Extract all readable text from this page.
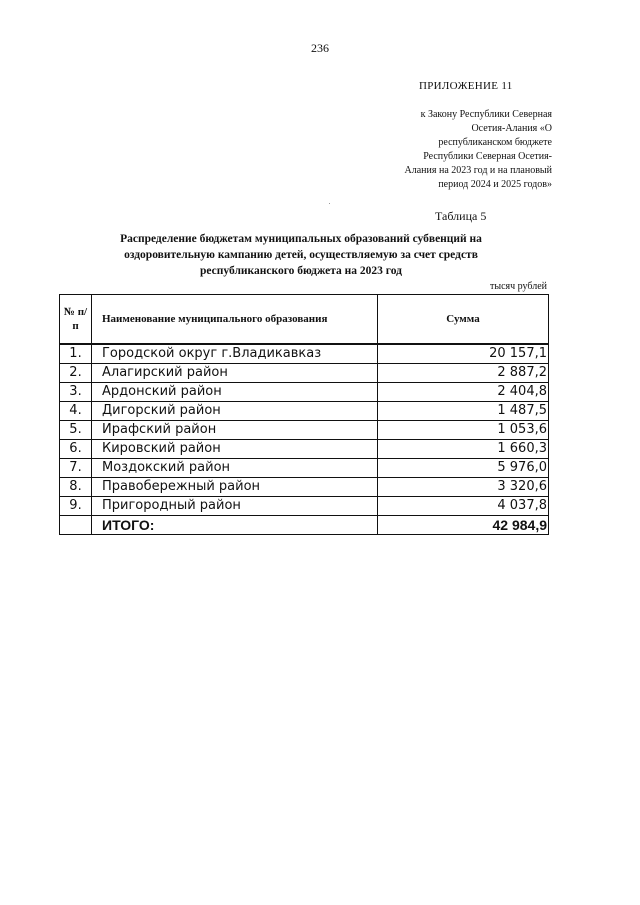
236
ПРИЛОЖЕНИЕ 11
к Закону Республики Северная
Осетия-Алания «О
республиканском бюджете
Республики Северная Осетия-
Алания на 2023 год и на плановый
период 2024 и 2025 годов»
Таблица 5
Распределение бюджетам муниципальных образований субвенций на оздоровительную кампанию детей, осуществляемую за счет средств республиканского бюджета на 2023 год
тысяч рублей
№ п/п	Наименование муниципального образования	Сумма
1.	Городской округ г.Владикавказ	20 157,1
2.	Алагирский район	2 887,2
3.	Ардонский район	2 404,8
4.	Дигорский район	1 487,5
5.	Ирафский район	1 053,6
6.	Кировский район	1 660,3
7.	Моздокский район	5 976,0
8.	Правобережный район	3 320,6
9.	Пригородный район	4 037,8
	ИТОГО:	42 984,9
